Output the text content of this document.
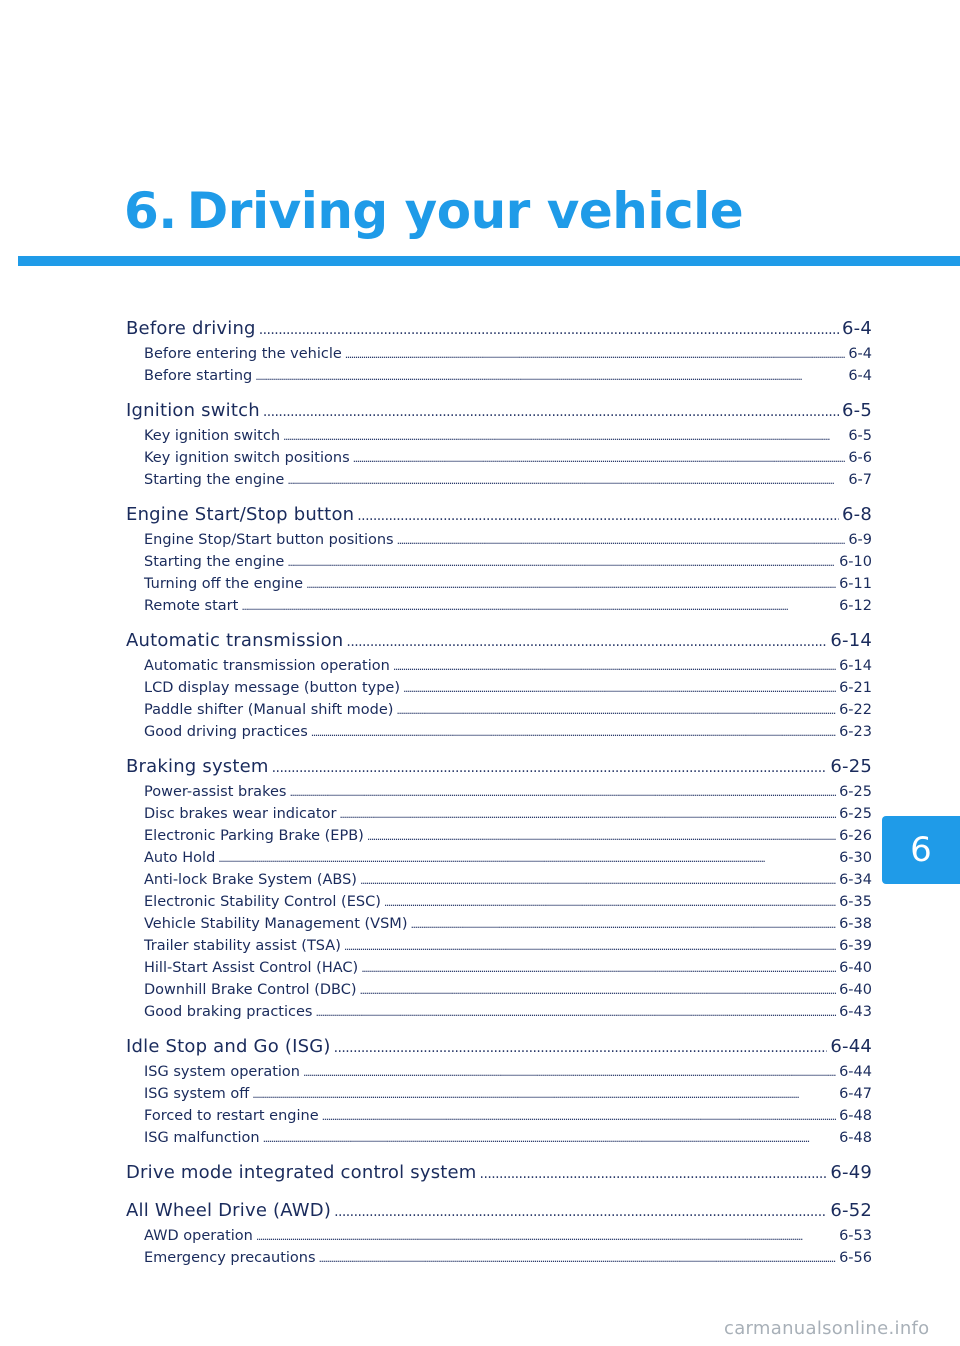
6. Driving your vehicle
Before driving . . .	6-4
Before entering the vehicle . . .	6-4
Before starting . . .	6-4
Ignition switch . . .	6-5
Key ignition switch . . .	6-5
Key ignition switch positions . . .	6-6
Starting the engine . . .	6-7
Engine Start/Stop button . . .	6-8
Engine Stop/Start button positions . . .	6-9
Starting the engine . . .	6-10
Turning off the engine . . .	6-11
Remote start . . .	6-12
Automatic transmission . . .	6-14
Automatic transmission operation . . .	6-14
LCD display message (button type) . . .	6-21
Paddle shifter (Manual shift mode) . . .	6-22
Good driving practices . . .	6-23
Braking system . . .	6-25
Power-assist brakes . . .	6-25
Disc brakes wear indicator . . .	6-25
Electronic Parking Brake (EPB) . . .	6-26
Auto Hold . . .	6-30
Anti-lock Brake System (ABS) . . .	6-34
Electronic Stability Control (ESC) . . .	6-35
Vehicle Stability Management (VSM) . . .	6-38
Trailer stability assist (TSA) . . .	6-39
Hill-Start Assist Control (HAC) . . .	6-40
Downhill Brake Control (DBC) . . .	6-40
Good braking practices . . .	6-43
Idle Stop and Go (ISG) . . .	6-44
ISG system operation . . .	6-44
ISG system off . . .	6-47
Forced to restart engine . . .	6-48
ISG malfunction . . .	6-48
Drive mode integrated control system . . .	6-49
All Wheel Drive (AWD) . . .	6-52
AWD operation . . .	6-53
Emergency precautions . . .	6-56
6
carmanualsonline.info
